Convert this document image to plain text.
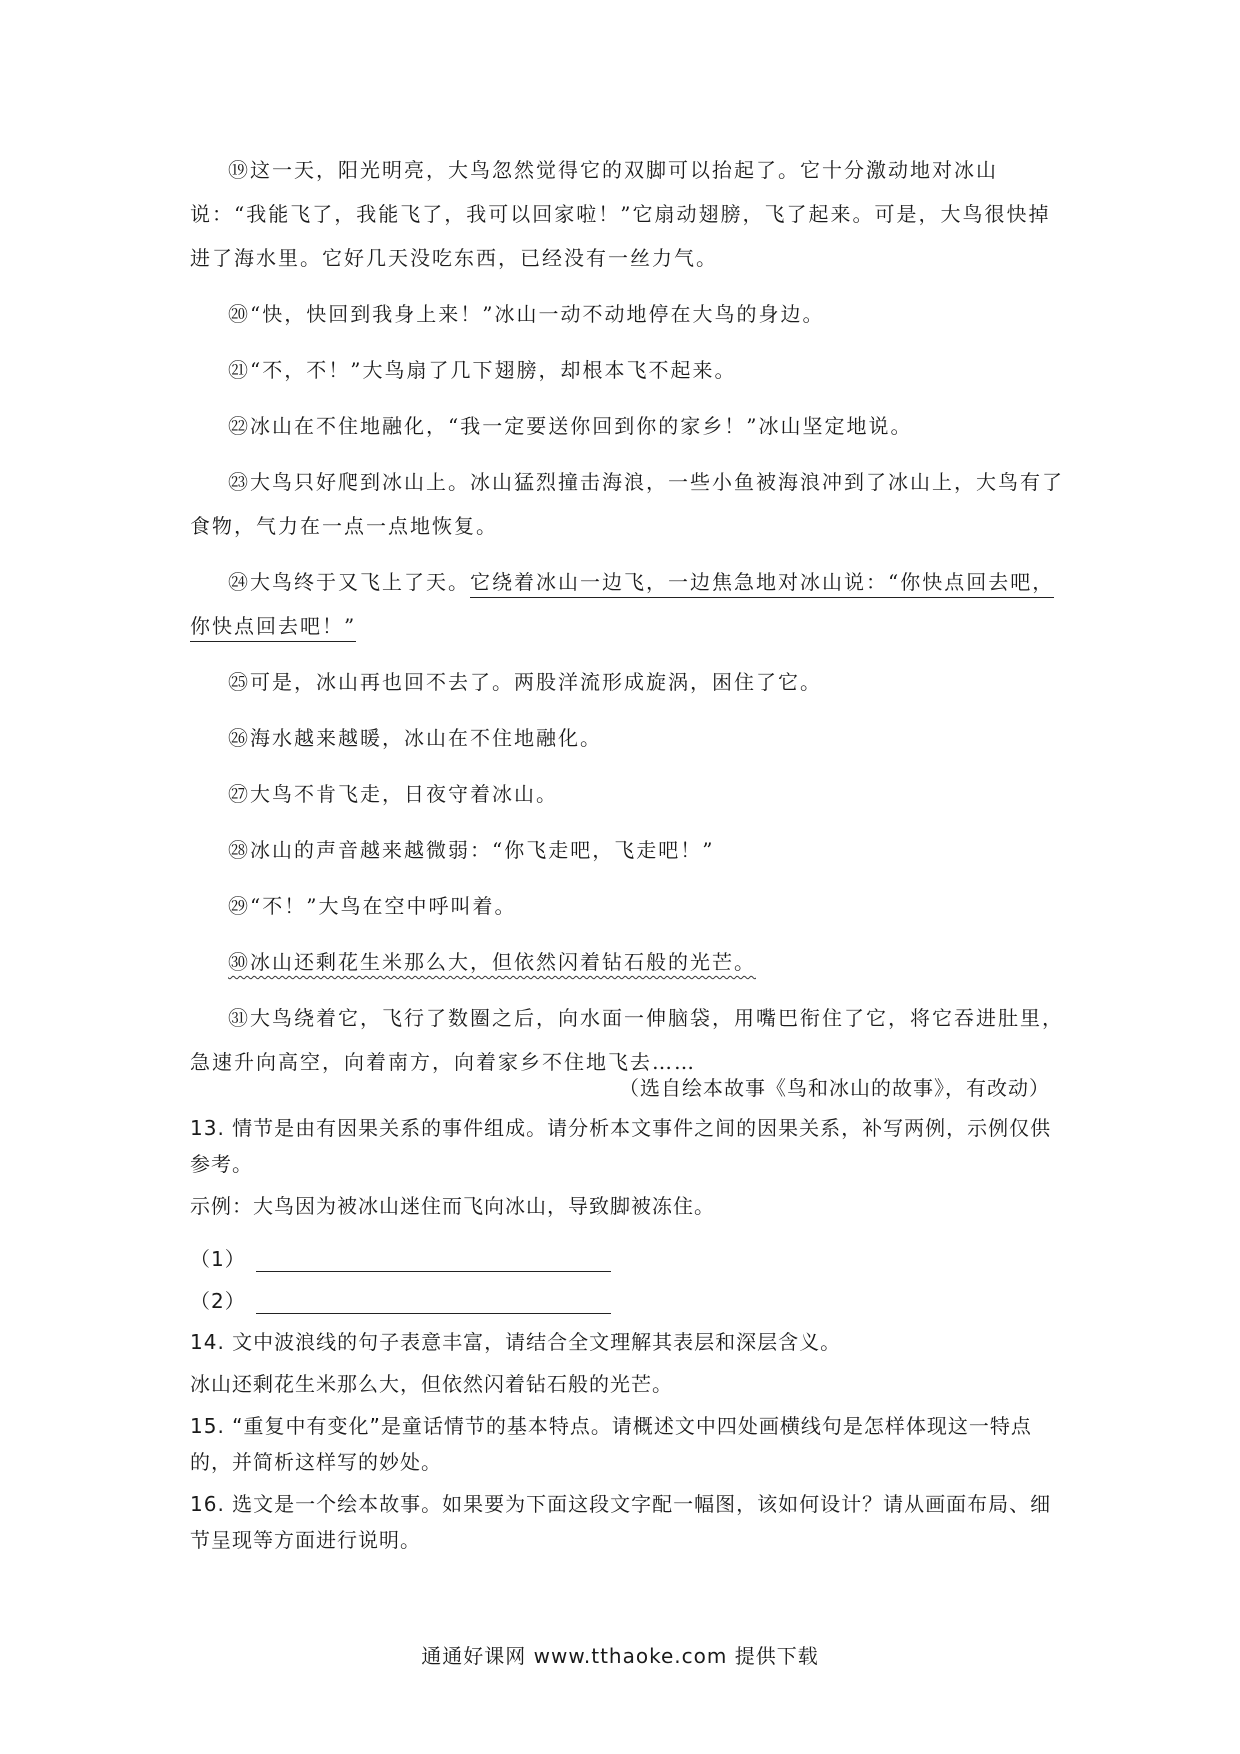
⑲这一天，阳光明亮，大鸟忽然觉得它的双脚可以抬起了。它十分激动地对冰山说：“我能飞了，我能飞了，我可以回家啦！”它扇动翅膀，飞了起来。可是，大鸟很快掉进了海水里。它好几天没吃东西，已经没有一丝力气。

⑳“快，快回到我身上来！”冰山一动不动地停在大鸟的身边。

㉑“不，不！”大鸟扇了几下翅膀，却根本飞不起来。

㉒冰山在不住地融化，“我一定要送你回到你的家乡！”冰山坚定地说。

㉓大鸟只好爬到冰山上。冰山猛烈撞击海浪，一些小鱼被海浪冲到了冰山上，大鸟有了食物，气力在一点一点地恢复。

㉔大鸟终于又飞上了天。它绕着冰山一边飞，一边焦急地对冰山说：“你快点回去吧，你快点回去吧！”

㉕可是，冰山再也回不去了。两股洋流形成旋涡，困住了它。

㉖海水越来越暖，冰山在不住地融化。

㉗大鸟不肯飞走，日夜守着冰山。

㉘冰山的声音越来越微弱：“你飞走吧，飞走吧！”

㉙“不！”大鸟在空中呼叫着。

㉚冰山还剩花生米那么大，但依然闪着钻石般的光芒。

㉛大鸟绕着它，飞行了数圈之后，向水面一伸脑袋，用嘴巴衔住了它，将它吞进肚里，急速升向高空，向着南方，向着家乡不住地飞去……

（选自绘本故事《鸟和冰山的故事》，有改动）

13. 情节是由有因果关系的事件组成。请分析本文事件之间的因果关系，补写两例，示例仅供参考。

示例：大鸟因为被冰山迷住而飞向冰山，导致脚被冻住。

（1）
（2）

14. 文中波浪线的句子表意丰富，请结合全文理解其表层和深层含义。

冰山还剩花生米那么大，但依然闪着钻石般的光芒。

15. “重复中有变化”是童话情节的基本特点。请概述文中四处画横线句是怎样体现这一特点的，并简析这样写的妙处。

16. 选文是一个绘本故事。如果要为下面这段文字配一幅图，该如何设计？请从画面布局、细节呈现等方面进行说明。

通通好课网 www.tthaoke.com 提供下载
